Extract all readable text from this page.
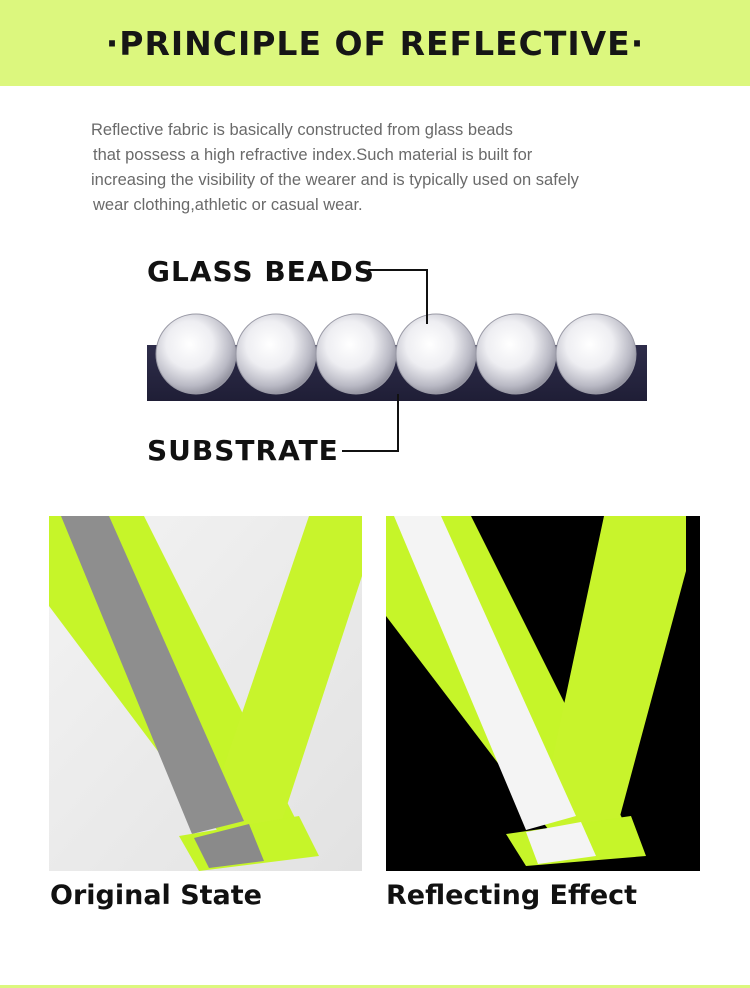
·PRINCIPLE OF REFLECTIVE·
Reflective fabric is basically constructed from glass beads
that possess a high refractive index.Such material is built for
increasing the visibility of the wearer and is typically used on safely
wear clothing,athletic or casual wear.
GLASS BEADS
SUBSTRATE
Original State	Reflecting Effect
